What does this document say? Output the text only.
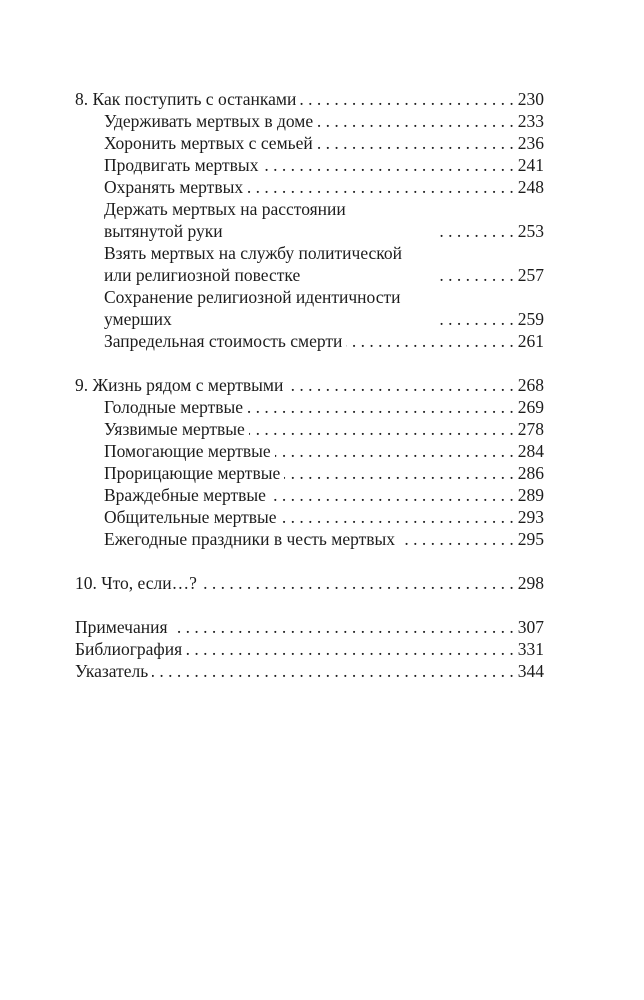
8. Как поступить с останками . . .	230
Удерживать мертвых в доме . . .	233
Хоронить мертвых с семьей . . .	236
Продвигать мертвых . . .	241
Охранять мертвых . . .	248
Держать мертвых на расстоянии
вытянутой руки . . .	253
Взять мертвых на службу политической
или религиозной повестке . . .	257
Сохранение религиозной идентичности
умерших . . .	259
Запредельная стоимость смерти . . .	261
9. Жизнь рядом с мертвыми . . .	268
Голодные мертвые . . .	269
Уязвимые мертвые . . .	278
Помогающие мертвые . . .	284
Прорицающие мертвые . . .	286
Враждебные мертвые . . .	289
Общительные мертвые . . .	293
Ежегодные праздники в честь мертвых . . .	295
10. Что, если…? . . .	298
Примечания . . .	307
Библиография . . .	331
Указатель . . .	344
